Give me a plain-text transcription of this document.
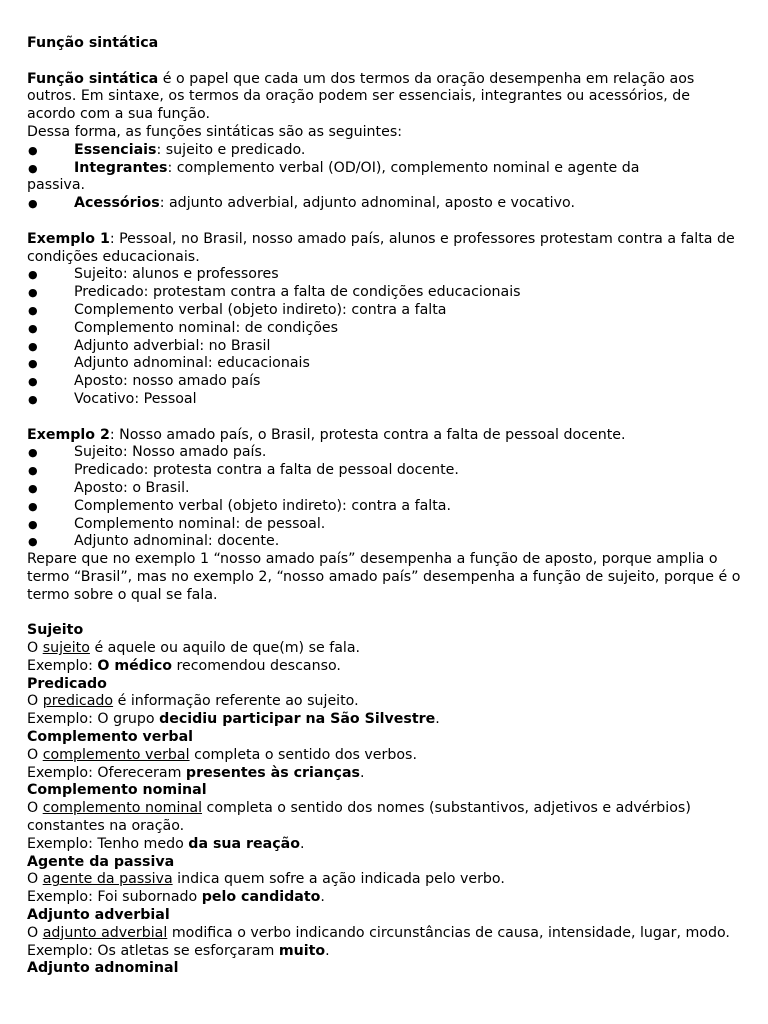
Função sintática

Função sintática é o papel que cada um dos termos da oração desempenha em relação aos outros. Em sintaxe, os termos da oração podem ser essenciais, integrantes ou acessórios, de acordo com a sua função.

Dessa forma, as funções sintáticas são as seguintes:

●	Essenciais: sujeito e predicado.
●	Integrantes: complemento verbal (OD/OI), complemento nominal e agente da
passiva.
●	Acessórios: adjunto adverbial, adjunto adnominal, aposto e vocativo.

Exemplo 1: Pessoal, no Brasil, nosso amado país, alunos e professores protestam contra a falta de condições educacionais.

●	Sujeito: alunos e professores
●	Predicado: protestam contra a falta de condições educacionais
●	Complemento verbal (objeto indireto): contra a falta
●	Complemento nominal: de condições
●	Adjunto adverbial: no Brasil
●	Adjunto adnominal: educacionais
●	Aposto: nosso amado país
●	Vocativo: Pessoal

Exemplo 2: Nosso amado país, o Brasil, protesta contra a falta de pessoal docente.

●	Sujeito: Nosso amado país.
●	Predicado: protesta contra a falta de pessoal docente.
●	Aposto: o Brasil.
●	Complemento verbal (objeto indireto): contra a falta.
●	Complemento nominal: de pessoal.
●	Adjunto adnominal: docente.

Repare que no exemplo 1 “nosso amado país” desempenha a função de aposto, porque amplia o termo “Brasil”, mas no exemplo 2, “nosso amado país” desempenha a função de sujeito, porque é o termo sobre o qual se fala.

Sujeito

O sujeito é aquele ou aquilo de que(m) se fala.

Exemplo: O médico recomendou descanso.

Predicado

O predicado é informação referente ao sujeito.

Exemplo: O grupo decidiu participar na São Silvestre.

Complemento verbal

O complemento verbal completa o sentido dos verbos.

Exemplo: Ofereceram presentes às crianças.

Complemento nominal

O complemento nominal completa o sentido dos nomes (substantivos, adjetivos e advérbios) constantes na oração.

Exemplo: Tenho medo da sua reação.

Agente da passiva

O agente da passiva indica quem sofre a ação indicada pelo verbo.

Exemplo: Foi subornado pelo candidato.

Adjunto adverbial

O adjunto adverbial modifica o verbo indicando circunstâncias de causa, intensidade, lugar, modo.

Exemplo: Os atletas se esforçaram muito.

Adjunto adnominal
